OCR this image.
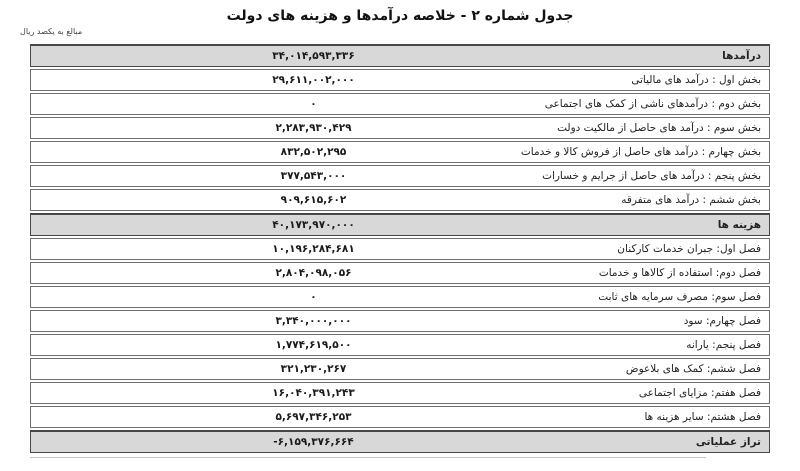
جدول شماره ۲ - خلاصه درآمدها و هزینه های دولت
مبالغ به یکصد ریال
درآمدها
۳۴,۰۱۴,۵۹۳,۳۳۶
بخش اول : درآمد های مالیاتی
۲۹,۶۱۱,۰۰۲,۰۰۰
بخش دوم : درآمدهای ناشی از کمک های اجتماعی
۰
بخش سوم : درآمد های حاصل از مالکیت دولت
۲,۲۸۳,۹۳۰,۴۲۹
بخش چهارم : درآمد های حاصل از فروش کالا و خدمات
۸۳۲,۵۰۲,۲۹۵
بخش پنجم : درآمد های حاصل از جرایم و خسارات
۳۷۷,۵۴۳,۰۰۰
بخش ششم : درآمد های متفرقه
۹۰۹,۶۱۵,۶۰۲
هزینه ها
۴۰,۱۷۳,۹۷۰,۰۰۰
فصل اول: جبران خدمات کارکنان
۱۰,۱۹۶,۲۸۴,۶۸۱
فصل دوم: استفاده از کالاها و خدمات
۲,۸۰۴,۰۹۸,۰۵۶
فصل سوم: مصرف سرمایه های ثابت
۰
فصل چهارم: سود
۳,۳۴۰,۰۰۰,۰۰۰
فصل پنجم: یارانه
۱,۷۷۴,۶۱۹,۵۰۰
فصل ششم: کمک های بلاعوض
۳۲۱,۲۳۰,۲۶۷
فصل هفتم: مزایای اجتماعی
۱۶,۰۴۰,۳۹۱,۲۴۳
فصل هشتم: سایر هزینه ها
۵,۶۹۷,۳۴۶,۲۵۳
تراز عملیاتی
-۶,۱۵۹,۳۷۶,۶۶۴
